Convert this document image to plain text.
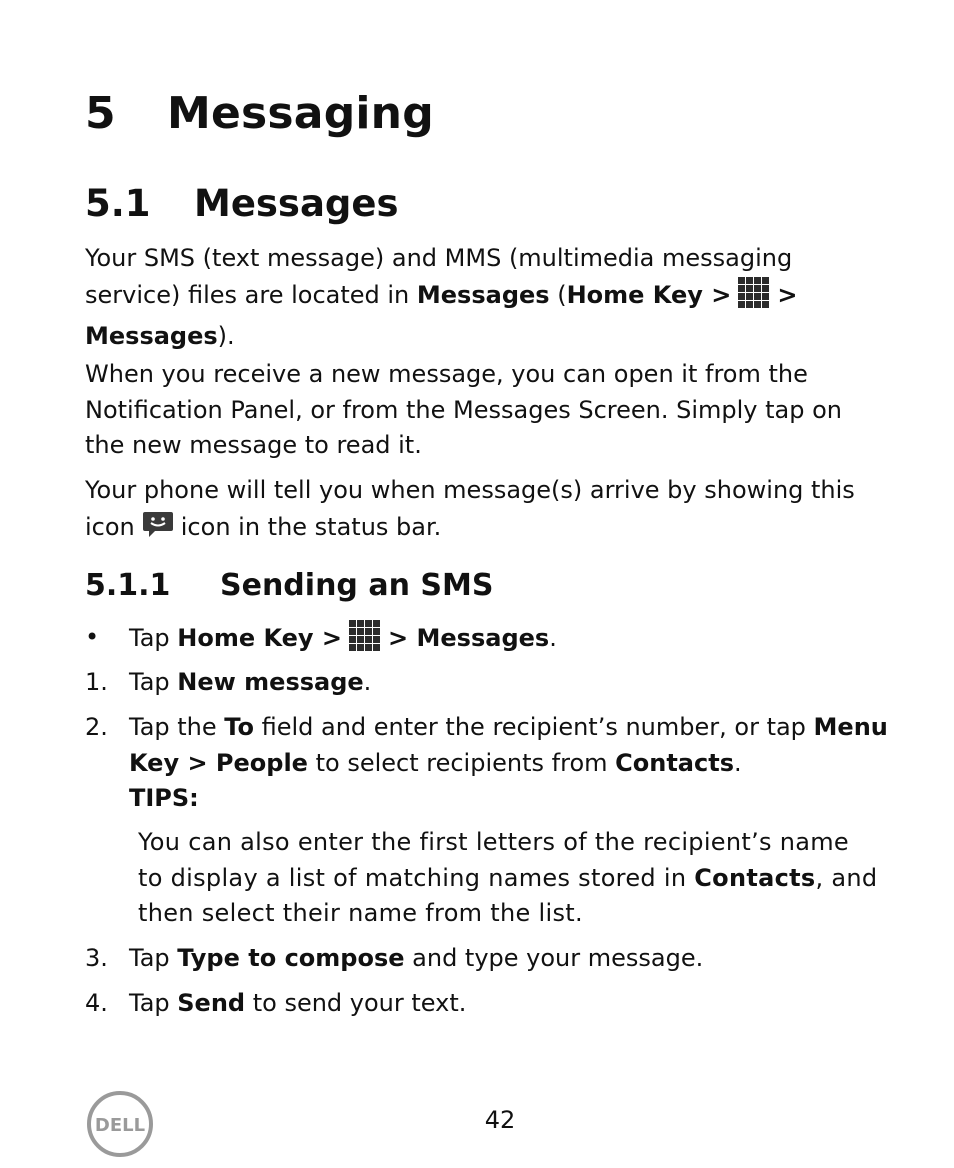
5 Messaging
5.1 Messages

Your SMS (text message) and MMS (multimedia messaging service) files are located in Messages (Home Key > >
Messages).

When you receive a new message, you can open it from the Notification Panel, or from the Messages Screen. Simply tap on the new message to read it.

Your phone will tell you when message(s) arrive by showing this icon icon in the status bar.

5.1.1 Sending an SMS
•	Tap Home Key > > Messages.
1. Tap New message.
2. Tap the To field and enter the recipient’s number, or tap Menu Key > People to select recipients from Contacts.
TIPS:

You can also enter the first letters of the recipient’s name to display a list of matching names stored in Contacts, and then select their name from the list.

3. Tap Type to compose and type your message.
4. Tap Send to send your text.
DELL	42
